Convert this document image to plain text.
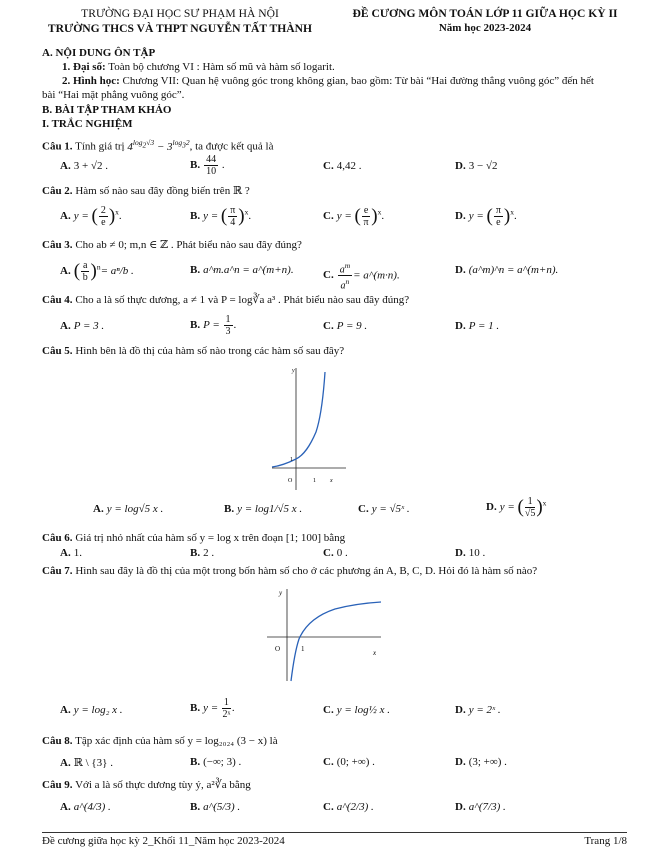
TRƯỜNG ĐẠI HỌC SƯ PHẠM HÀ NỘI
TRƯỜNG THCS VÀ THPT NGUYỄN TẤT THÀNH
ĐỀ CƯƠNG MÔN TOÁN LỚP 11 GIỮA HỌC KỲ II
Năm học 2023-2024
A. NỘI DUNG ÔN TẬP
1. Đại số: Toàn bộ chương VI : Hàm số mũ và hàm số logarit.
2. Hình học: Chương VII: Quan hệ vuông góc trong không gian, bao gồm: Từ bài “Hai đường thẳng vuông góc” đến hết bài “Hai mặt phẳng vuông góc”.
B. BÀI TẬP THAM KHẢO
I. TRẮC NGHIỆM
Câu 1. Tính giá trị $4^{log_2√3} - 3^{log_32}$, ta được kết quả là
A. 3 + √2 .	B. $\frac{44}{10}$ .	C. 4,42 .	D. 3 − √2
Câu 2. Hàm số nào sau đây đồng biến trên ℝ ?
A. y = ( $\frac{2}{e} )^x$.	B. y = ( $\frac{\pi}{4} )^x$.	C. y = ( $\frac{e}{\pi} )^x$.	D. y = ( $\frac{\pi}{e} )^x$.
Câu 3. Cho ab ≠ 0; m,n ∈ ℤ . Phát biểu nào sau đây đúng?
A. ( $\frac{a}{b} )^n= a^n/b$ .	B. a^m.a^n = a^(m+n).	C. $\frac{a^m}{a^n}$ = a^(m·n).	D. (a^m)^n = a^(m+n).
Câu 4. Cho a là số thực dương, a ≠ 1 và P = log∛a a³ . Phát biểu nào sau đây đúng?
A. P = 3 .	B. $P = \frac{1}{3}$ .	C. P = 9 .	D. P = 1 .
Câu 5. Hình bên là đồ thị của hàm số nào trong các hàm số sau đây?
y
x
O	1
1
A. y = log√5 x .	B. y = log1/√5 x .	C. y = √5ˣ .	D. y = ( $\frac{1}{√5} )^x$
Câu 6. Giá trị nhỏ nhất của hàm số y = log x trên đoạn [1; 100] bằng
A. 1.	B. 2 .	C. 0 .	D. 10 .
Câu 7. Hình sau đây là đồ thị của một trong bốn hàm số cho ở các phương án A, B, C, D. Hỏi đó là hàm số nào?
y
x
O	1
A. y = log₂ x .	B. $y = \frac{1}{\text{2ˣ}}$ .	C. y = log½ x .	D. y = 2ˣ .
Câu 8. Tập xác định của hàm số y = log₂₀₂₄ (3 − x) là
A. ℝ \ {3} .	B. (−∞; 3) .	C. (0; +∞) .	D. (3; +∞) .
Câu 9. Với a là số thực dương tùy ý, a²∛a bằng
A. a^(4/3) .	B. a^(5/3) .	C. a^(2/3) .	D. a^(7/3) .
Đề cương giữa học kỳ 2_Khối 11_Năm học 2023-2024	Trang 1/8
